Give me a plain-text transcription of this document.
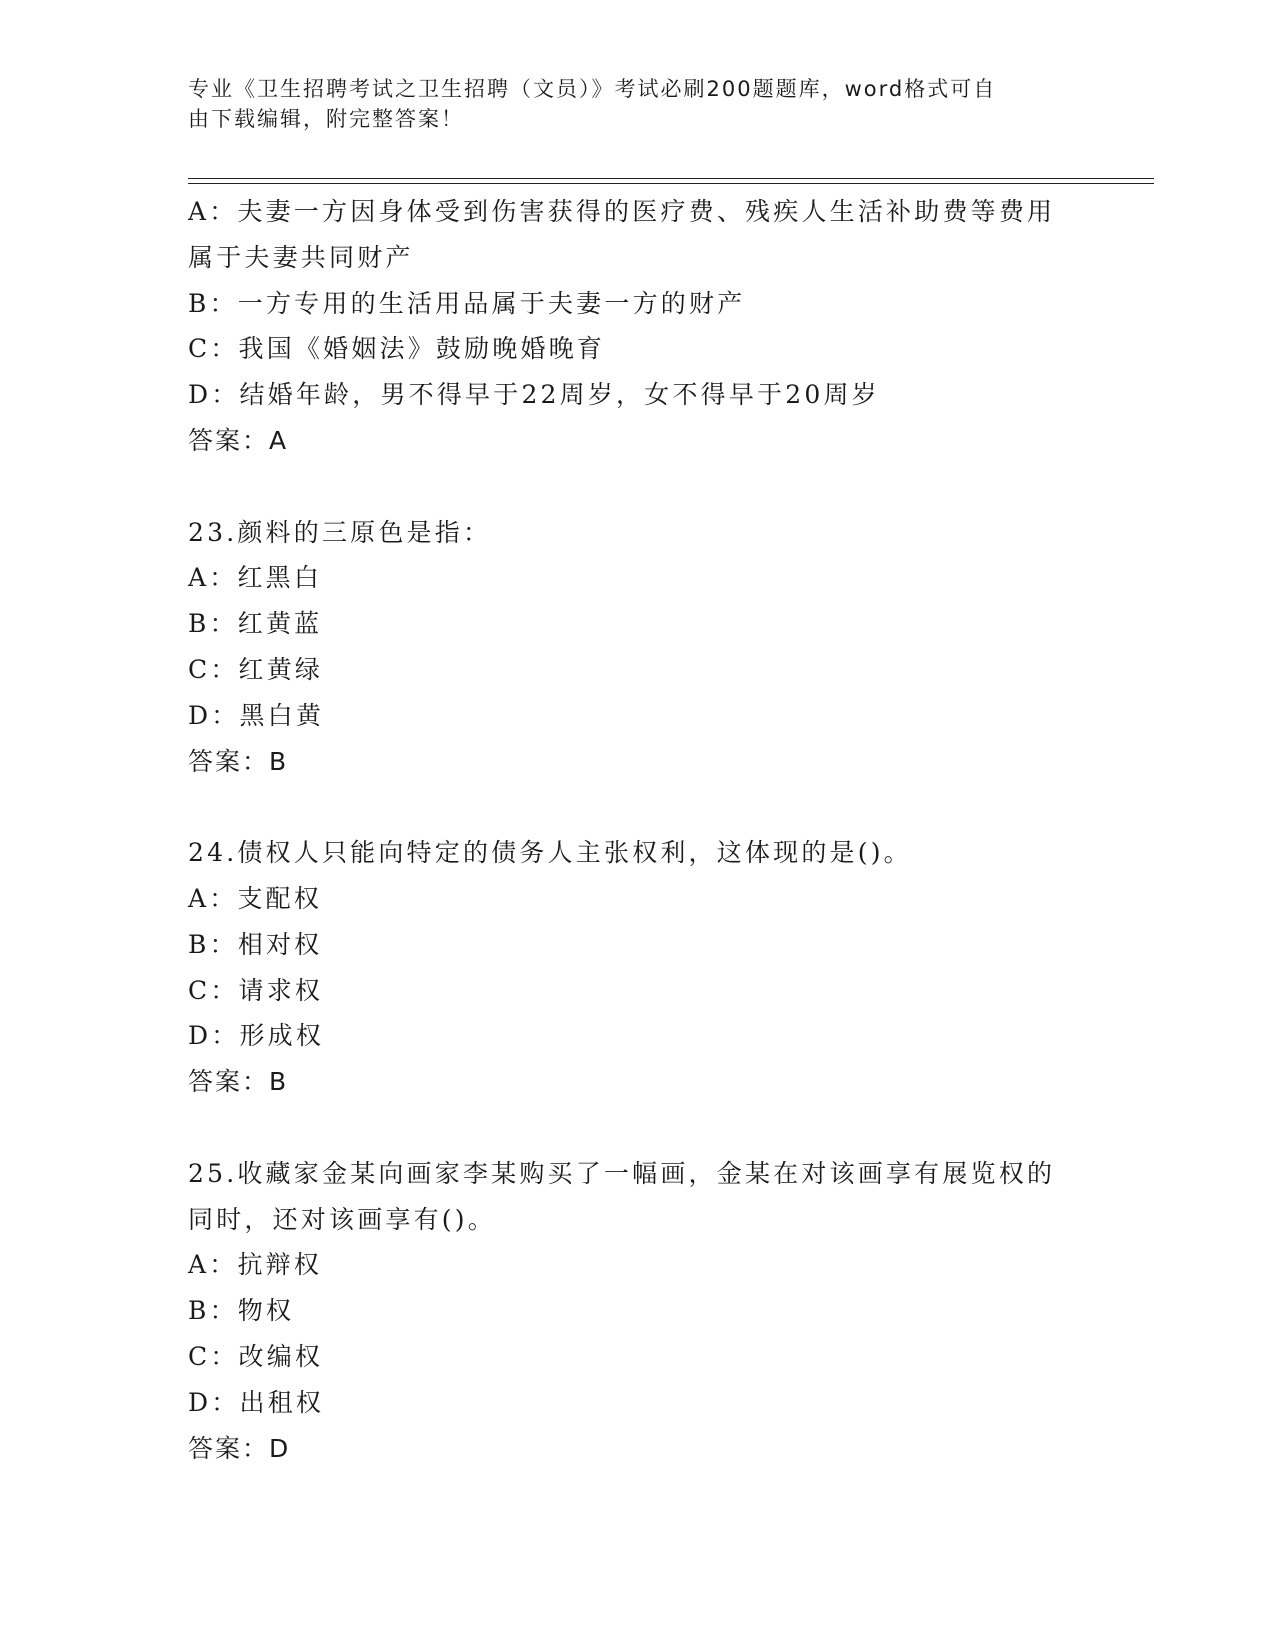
专业《卫生招聘考试之卫生招聘（文员）》考试必刷200题题库，word格式可自
由下载编辑，附完整答案！
A：夫妻一方因身体受到伤害获得的医疗费、残疾人生活补助费等费用
属于夫妻共同财产
B：一方专用的生活用品属于夫妻一方的财产
C：我国《婚姻法》鼓励晚婚晚育
D：结婚年龄，男不得早于22周岁，女不得早于20周岁
答案：A
23.颜料的三原色是指：
A：红黑白
B：红黄蓝
C：红黄绿
D：黑白黄
答案：B
24.债权人只能向特定的债务人主张权利，这体现的是()。
A：支配权
B：相对权
C：请求权
D：形成权
答案：B
25.收藏家金某向画家李某购买了一幅画，金某在对该画享有展览权的
同时，还对该画享有()。
A：抗辩权
B：物权
C：改编权
D：出租权
答案：D
